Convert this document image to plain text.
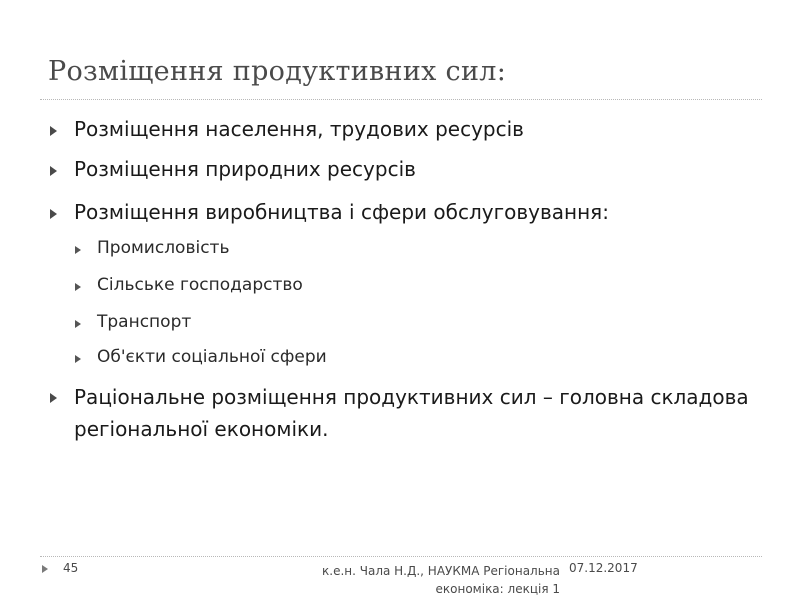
Розміщення продуктивних сил:
Розміщення населення, трудових ресурсів
Розміщення природних ресурсів
Розміщення виробництва і сфери обслуговування:
Промисловість
Сільське господарство
Транспорт
Об'єкти соціальної сфери
Раціональне розміщення продуктивних сил – головна складова регіональної економіки.
45	к.е.н. Чала Н.Д., НАУКМА Регіональна економіка: лекція 1
07.12.2017
